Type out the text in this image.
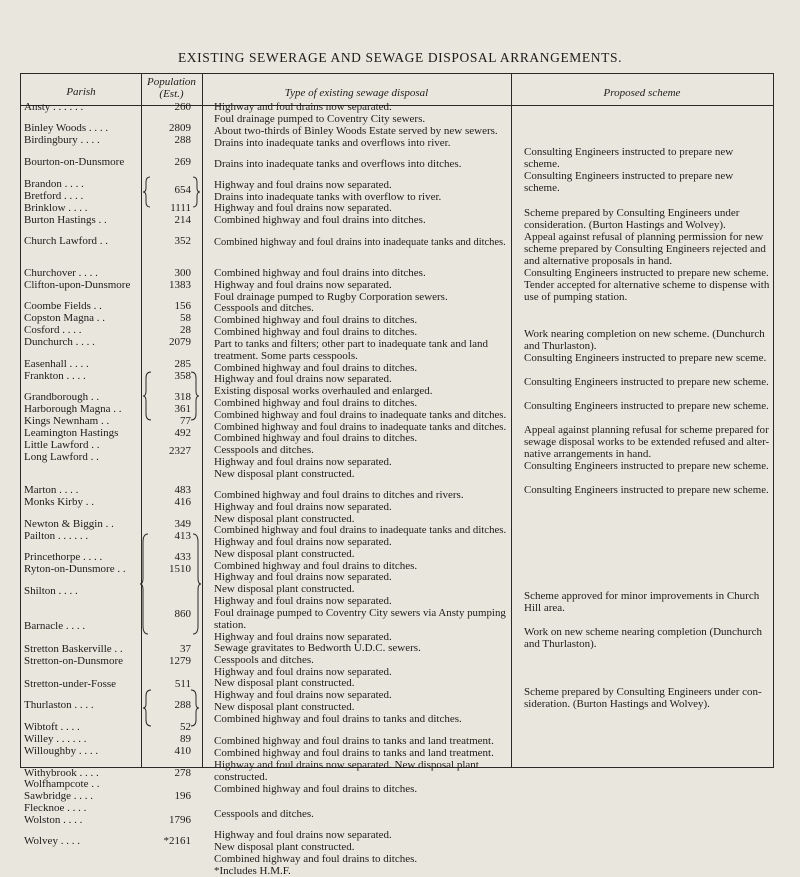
EXISTING SEWERAGE AND SEWAGE DISPOSAL ARRANGEMENTS.
Parish
Population
(Est.)	Type of existing sewage disposal	Proposed scheme
Ansty . . . . . .
Binley Woods . . . .
Birdingbury . . . .
Bourton-on-Dunsmore
Brandon . . . .
Bretford . . . .
Brinklow . . . .
Burton Hastings . .
Church Lawford . .
Churchover . . . .
Clifton-upon-Dunsmore
Coombe Fields . .
Copston Magna . .
Cosford . . . .
Dunchurch . . . .
Easenhall . . . .
Frankton . . . .
Grandborough . .
Harborough Magna . .
Kings Newnham . .
Leamington Hastings
Little Lawford . .
Long Lawford . .
Marton . . . .
Monks Kirby . .
Newton & Biggin . .
Pailton . . . . . .
Princethorpe . . . .
Ryton-on-Dunsmore . .
Shilton . . . .
Barnacle . . . .
Stretton Baskerville . .
Stretton-on-Dunsmore
Stretton-under-Fosse
Thurlaston . . . .
Wibtoft . . . .
Willey . . . . . .
Willoughby . . . .
Withybrook . . . .
Wolfhampcote . .
Sawbridge . . . .
Flecknoe . . . .
Wolston . . . .
Wolvey . . . .
260
2809
288
269
654
1111
214
352
300
1383
156
58
28
2079
285
358
318
361
77
492
2327
483
416
349
413
433
1510
860
37
1279
511
288
52
89
410
278
196
1796
*2161
Highway and foul drains now separated.
Foul drainage pumped to Coventry City sewers.
About two-thirds of Binley Woods Estate served by new sewers.
Drains into inadequate tanks and overflows into river.
Drains into inadequate tanks and overflows into ditches.
Highway and foul drains now separated.
Drains into inadequate tanks with overflow to river.
Highway and foul drains now separated.
Combined highway and foul drains into ditches.
Combined highway and foul drains into inadequate tanks and ditches.
Combined highway and foul drains into ditches.
Highway and foul drains now separated.
Foul drainage pumped to Rugby Corporation sewers.
Cesspools and ditches.
Combined highway and foul drains to ditches.
Combined highway and foul drains to ditches.
Part to tanks and filters; other part to inadequate tank and land
treatment. Some parts cesspools.
Combined highway and foul drains to ditches.
Highway and foul drains now separated.
Existing disposal works overhauled and enlarged.
Combined highway and foul drains to ditches.
Combined highway and foul drains to inadequate tanks and ditches.
Combined highway and foul drains to inadequate tanks and ditches.
Combined highway and foul drains to ditches.
Cesspools and ditches.
Highway and foul drains now separated.
New disposal plant constructed.
Combined highway and foul drains to ditches and rivers.
Highway and foul drains now separated.
New disposal plant constructed.
Combined highway and foul drains to inadequate tanks and ditches.
Highway and foul drains now separated.
New disposal plant constructed.
Combined highway and foul drains to ditches.
Highway and foul drains now separated.
New disposal plant constructed.
Highway and foul drains now separated.
Foul drainage pumped to Coventry City sewers via Ansty pumping
station.
Highway and foul drains now separated.
Sewage gravitates to Bedworth U.D.C. sewers.
Cesspools and ditches.
Highway and foul drains now separated.
New disposal plant constructed.
Highway and foul drains now separated.
New disposal plant constructed.
Combined highway and foul drains to tanks and ditches.
Combined highway and foul drains to tanks and land treatment.
Combined highway and foul drains to tanks and land treatment.
Highway and foul drains now separated. New disposal plant
constructed.
Combined highway and foul drains to ditches.
Cesspools and ditches.
Highway and foul drains now separated.
New disposal plant constructed.
Combined highway and foul drains to ditches.
*Includes H.M.F.
Consulting Engineers instructed to prepare new
scheme.
Consulting Engineers instructed to prepare new
scheme.
Scheme prepared by Consulting Engineers under
consideration. (Burton Hastings and Wolvey).
Appeal against refusal of planning permission for new
scheme prepared by Consulting Engineers rejected and
and alternative proposals in hand.
Consulting Engineers instructed to prepare new scheme.
Tender accepted for alternative scheme to dispense with
use of pumping station.
Work nearing completion on new scheme. (Dunchurch
and Thurlaston).
Consulting Engineers instructed to prepare new sceme.
Consulting Engineers instructed to prepare new scheme.
Consulting Engineers instructed to prepare new scheme.
Appeal against planning refusal for scheme prepared for
sewage disposal works to be extended refused and alter-
native arrangements in hand.
Consulting Engineers instructed to prepare new scheme.
Consulting Engineers instructed to prepare new scheme.
Scheme approved for minor improvements in Church
Hill area.
Work on new scheme nearing completion (Dunchurch
and Thurlaston).
Scheme prepared by Consulting Engineers under con-
sideration. (Burton Hastings and Wolvey).
